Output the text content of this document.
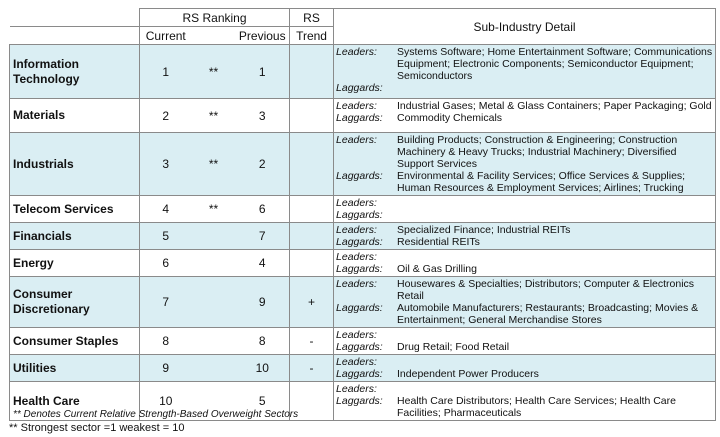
	RS Ranking			RS	Sub-Industry Detail
	Current		Previous	Trend	
Information Technology	1	**	1		Leaders: Systems Software; Home Entertainment Software; Communications Equipment; Electronic Components; Semiconductor Equipment; Semiconductors
Laggards:

Materials	2	**	3		Leaders: Industrial Gases; Metal & Glass Containers; Paper Packaging; Gold
Laggards: Commodity Chemicals

Industrials	3	**	2		Leaders: Building Products; Construction & Engineering; Construction Machinery & Heavy Trucks; Industrial Machinery; Diversified Support Services
Laggards: Environmental & Facility Services; Office Services & Supplies; Human Resources & Employment Services; Airlines; Trucking

Telecom Services	4	**	6		Leaders:
Laggards:

Financials	5		7		Leaders: Specialized Finance; Industrial REITs
Laggards: Residential REITs

Energy	6		4		Leaders:
Laggards: Oil & Gas Drilling

Consumer Discretionary	7		9	+	Leaders: Housewares & Specialties; Distributors; Computer & Electronics Retail
Laggards: Automobile Manufacturers; Restaurants; Broadcasting; Movies & Entertainment; General Merchandise Stores

Consumer Staples	8		8	-	Leaders:
Laggards: Drug Retail; Food Retail

Utilities	9		10	-	Leaders:
Laggards: Independent Power Producers

Health Care	10		5		Leaders:
Laggards: Health Care Distributors; Health Care Services; Health Care Facilities; Pharmaceuticals
** Denotes Current Relative Strength-Based Overweight Sectors
** Strongest sector =1 weakest = 10
